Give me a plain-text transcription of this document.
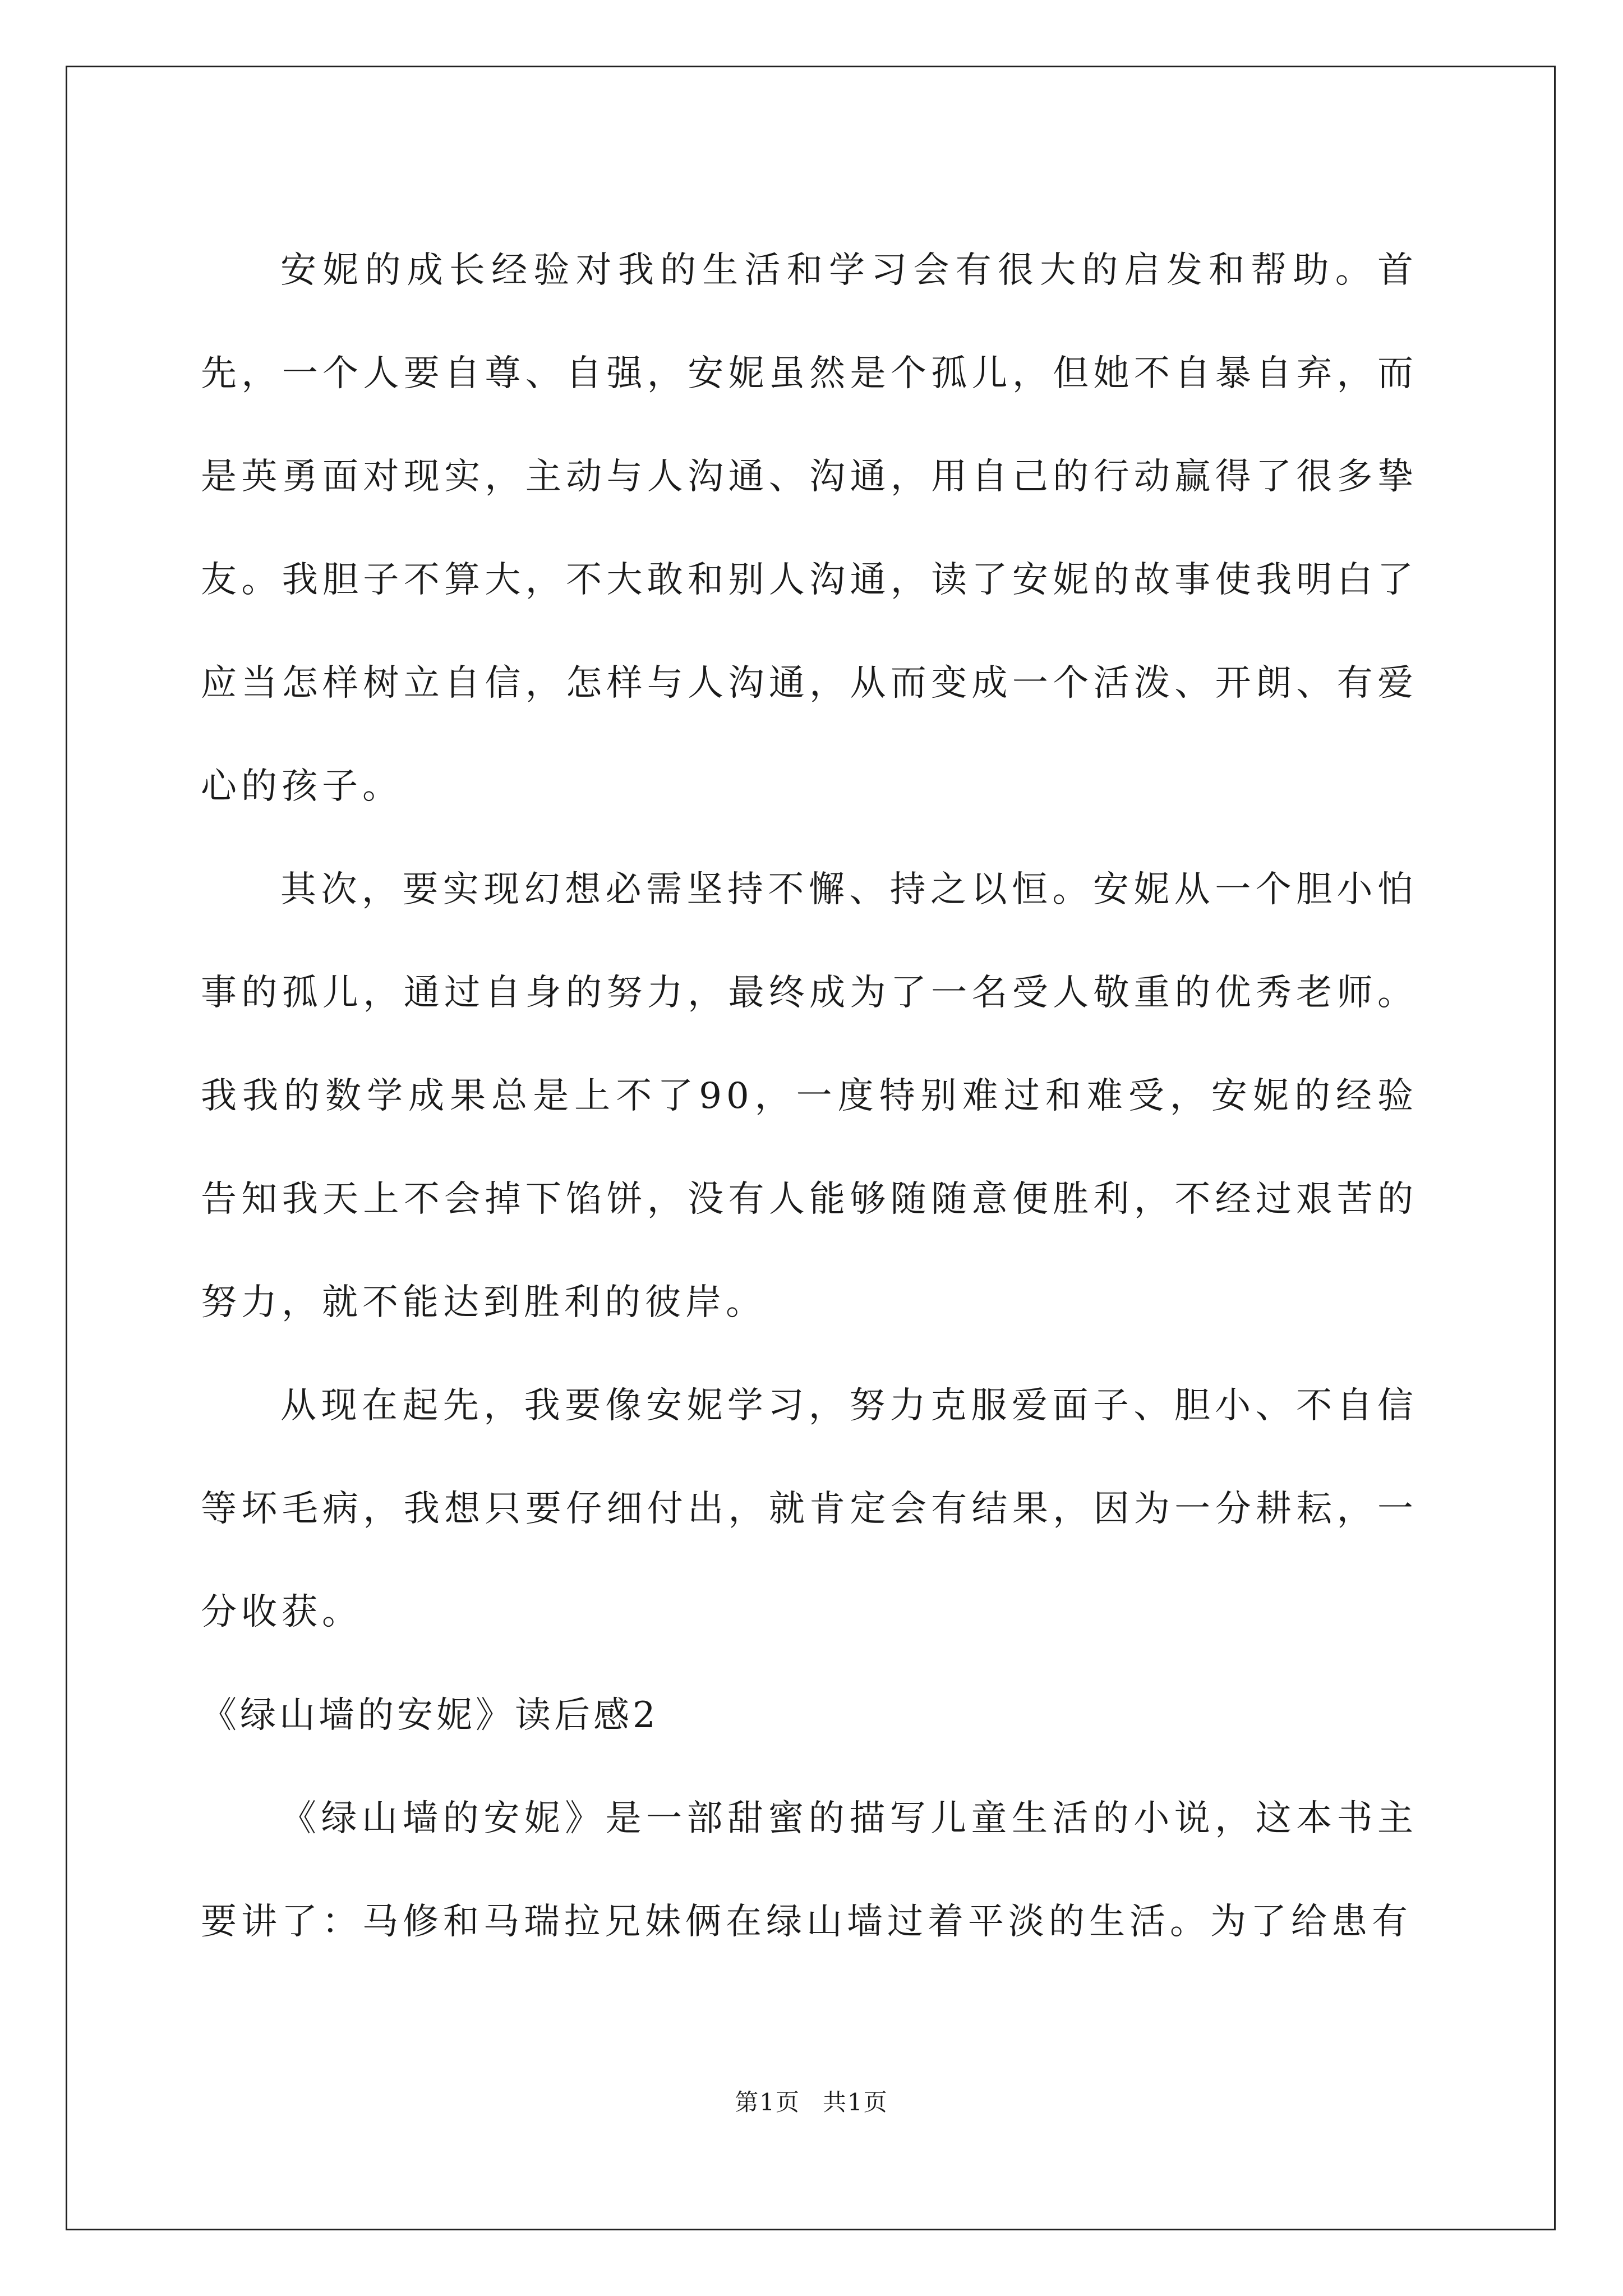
安妮的成长经验对我的生活和学习会有很大的启发和帮助。首先，一个人要自尊、自强，安妮虽然是个孤儿，但她不自暴自弃，而是英勇面对现实，主动与人沟通、沟通，用自己的行动赢得了很多挚友。我胆子不算大，不大敢和别人沟通，读了安妮的故事使我明白了应当怎样树立自信，怎样与人沟通，从而变成一个活泼、开朗、有爱心的孩子。

其次，要实现幻想必需坚持不懈、持之以恒。安妮从一个胆小怕事的孤儿，通过自身的努力，最终成为了一名受人敬重的优秀老师。我我的数学成果总是上不了90，一度特别难过和难受，安妮的经验告知我天上不会掉下馅饼，没有人能够随随意便胜利，不经过艰苦的努力，就不能达到胜利的彼岸。

从现在起先，我要像安妮学习，努力克服爱面子、胆小、不自信等坏毛病，我想只要仔细付出，就肯定会有结果，因为一分耕耘，一分收获。

《绿山墙的安妮》读后感2

《绿山墙的安妮》是一部甜蜜的描写儿童生活的小说，这本书主要讲了：马修和马瑞拉兄妹俩在绿山墙过着平淡的生活。为了给患有

第1页 共1页
